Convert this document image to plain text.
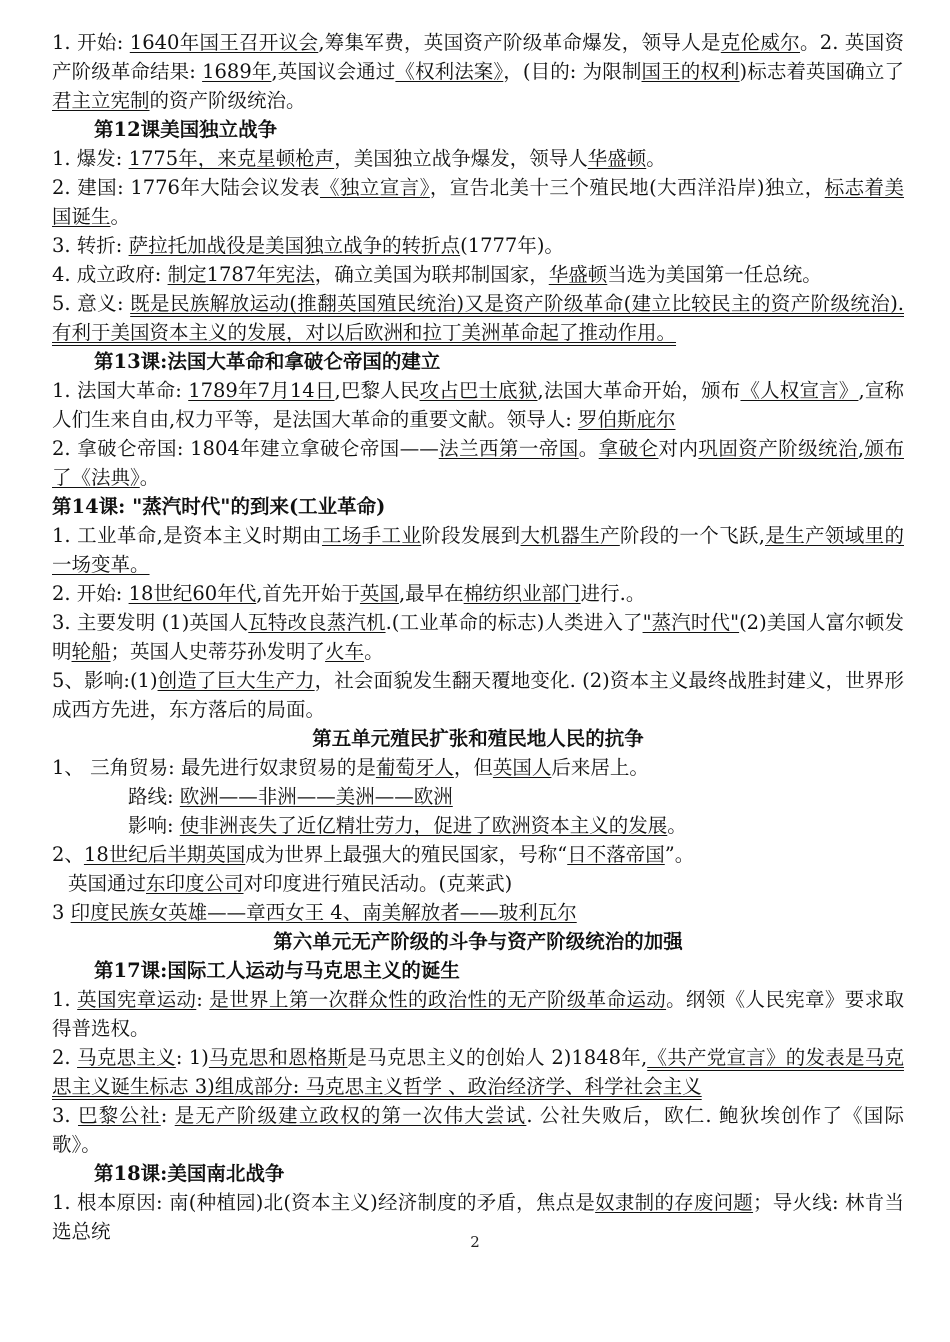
1. 开始: 1640年国王召开议会,筹集军费，英国资产阶级革命爆发，领导人是克伦威尔。2. 英国资产阶级革命结果: 1689年,英国议会通过《权利法案》，(目的: 为限制国王的权利)标志着英国确立了君主立宪制的资产阶级统治。
第12课美国独立战争
1. 爆发: 1775年，来克星顿枪声，美国独立战争爆发，领导人华盛顿。
2. 建国: 1776年大陆会议发表《独立宣言》，宣告北美十三个殖民地(大西洋沿岸)独立，标志着美国诞生。
3. 转折: 萨拉托加战役是美国独立战争的转折点(1777年)。
4. 成立政府: 制定1787年宪法，确立美国为联邦制国家，华盛顿当选为美国第一任总统。
5. 意义: 既是民族解放运动(推翻英国殖民统治)又是资产阶级革命(建立比较民主的资产阶级统治).有利于美国资本主义的发展，对以后欧洲和拉丁美洲革命起了推动作用。
第13课:法国大革命和拿破仑帝国的建立
1. 法国大革命: 1789年7月14日,巴黎人民攻占巴士底狱,法国大革命开始，颁布《人权宣言》,宣称人们生来自由,权力平等，是法国大革命的重要文献。领导人: 罗伯斯庇尔
2. 拿破仑帝国: 1804年建立拿破仑帝国——法兰西第一帝国。拿破仑对内巩固资产阶级统治,颁布了《法典》。
第14课: "蒸汽时代"的到来(工业革命)
1. 工业革命,是资本主义时期由工场手工业阶段发展到大机器生产阶段的一个飞跃,是生产领域里的一场变革。
2. 开始: 18世纪60年代,首先开始于英国,最早在棉纺织业部门进行.。
3. 主要发明 (1)英国人瓦特改良蒸汽机.(工业革命的标志)人类进入了"蒸汽时代"(2)美国人富尔顿发明轮船；英国人史蒂芬孙发明了火车。
5、影响:(1)创造了巨大生产力，社会面貌发生翻天覆地变化. (2)资本主义最终战胜封建义，世界形成西方先进，东方落后的局面。
第五单元殖民扩张和殖民地人民的抗争
1、 三角贸易: 最先进行奴隶贸易的是葡萄牙人，但英国人后来居上。
路线: 欧洲——非洲——美洲——欧洲
影响: 使非洲丧失了近亿精壮劳力，促进了欧洲资本主义的发展。
2、18世纪后半期英国成为世界上最强大的殖民国家，号称“日不落帝国”。
英国通过东印度公司对印度进行殖民活动。(克莱武)
3 印度民族女英雄——章西女王 4、南美解放者——玻利瓦尔
第六单元无产阶级的斗争与资产阶级统治的加强
第17课:国际工人运动与马克思主义的诞生
1. 英国宪章运动: 是世界上第一次群众性的政治性的无产阶级革命运动。纲领《人民宪章》要求取得普选权。
2. 马克思主义: 1)马克思和恩格斯是马克思主义的创始人 2)1848年,《共产党宣言》的发表是马克思主义诞生标志 3)组成部分: 马克思主义哲学 、政治经济学、科学社会主义
3. 巴黎公社: 是无产阶级建立政权的第一次伟大尝试. 公社失败后，欧仁. 鲍狄埃创作了《国际歌》。
第18课:美国南北战争
1. 根本原因: 南(种植园)北(资本主义)经济制度的矛盾，焦点是奴隶制的存废问题；导火线: 林肯当选总统	2
